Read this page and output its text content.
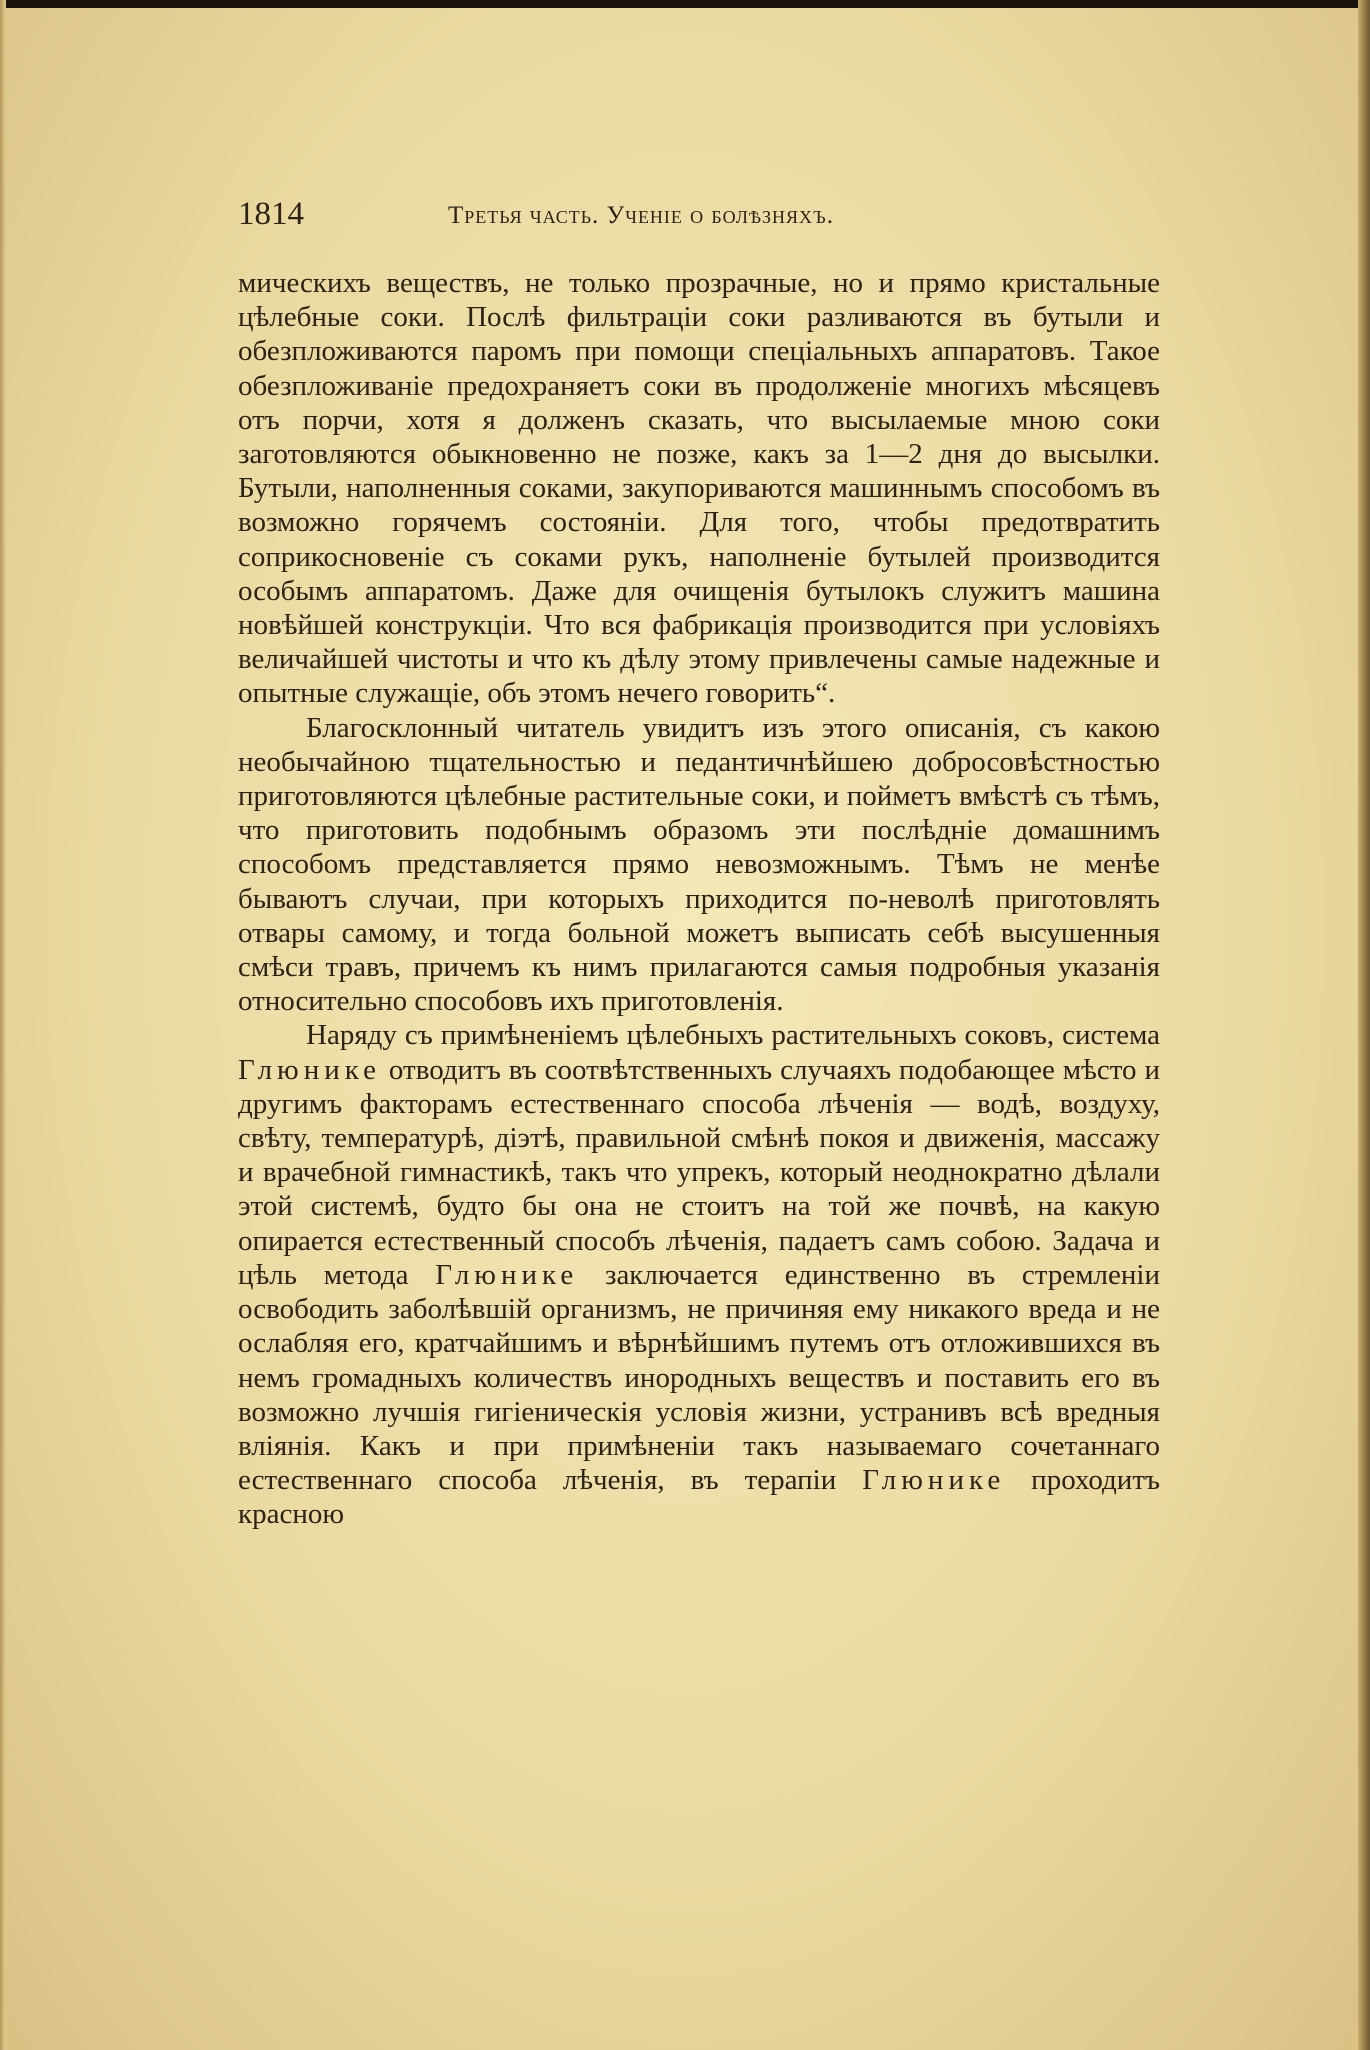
1814	Третья часть. Ученіе о болѣзняхъ.

мическихъ веществъ, не только прозрачные, но и прямо кристальные цѣлебные соки. Послѣ фильтраціи соки разливаются въ бутыли и обезпложиваются паромъ при помощи спеціальныхъ аппаратовъ. Такое обезпложиваніе предохраняетъ соки въ продолженіе многихъ мѣсяцевъ отъ порчи, хотя я долженъ сказать, что высылаемые мною соки заготовляются обыкновенно не позже, какъ за 1—2 дня до высылки. Бутыли, наполненныя соками, закупориваются машиннымъ способомъ въ возможно горячемъ состояніи. Для того, чтобы предотвратить соприкосновеніе съ соками рукъ, наполненіе бутылей производится особымъ аппаратомъ. Даже для очищенія бутылокъ служитъ машина новѣйшей конструкціи. Что вся фабрикація производится при условіяхъ величайшей чистоты и что къ дѣлу этому привлечены самые надежные и опытные служащіе, объ этомъ нечего говорить“.

Благосклонный читатель увидитъ изъ этого описанія, съ какою необычайною тщательностью и педантичнѣйшею добросовѣстностью приготовляются цѣлебные растительные соки, и пойметъ вмѣстѣ съ тѣмъ, что приготовить подобнымъ образомъ эти послѣдніе домашнимъ способомъ представляется прямо невозможнымъ. Тѣмъ не менѣе бываютъ случаи, при которыхъ приходится по-неволѣ приготовлять отвары самому, и тогда больной можетъ выписать себѣ высушенныя смѣси травъ, причемъ къ нимъ прилагаются самыя подробныя указанія относительно способовъ ихъ приготовленія.

Наряду съ примѣненіемъ цѣлебныхъ растительныхъ соковъ, система Глюнике отводитъ въ соотвѣтственныхъ случаяхъ подобающее мѣсто и другимъ факторамъ естественнаго способа лѣченія — водѣ, воздуху, свѣту, температурѣ, діэтѣ, правильной смѣнѣ покоя и движенія, массажу и врачебной гимнастикѣ, такъ что упрекъ, который неоднократно дѣлали этой системѣ, будто бы она не стоитъ на той же почвѣ, на какую опирается естественный способъ лѣченія, падаетъ самъ собою. Задача и цѣль метода Глюнике заключается единственно въ стремленіи освободить заболѣвшій организмъ, не причиняя ему никакого вреда и не ослабляя его, кратчайшимъ и вѣрнѣйшимъ путемъ отъ отложившихся въ немъ громадныхъ количествъ инородныхъ веществъ и поставить его въ возможно лучшія гигіеническія условія жизни, устранивъ всѣ вредныя вліянія. Какъ и при примѣненіи такъ называемаго сочетаннаго естественнаго способа лѣченія, въ терапіи Глюнике проходитъ красною
